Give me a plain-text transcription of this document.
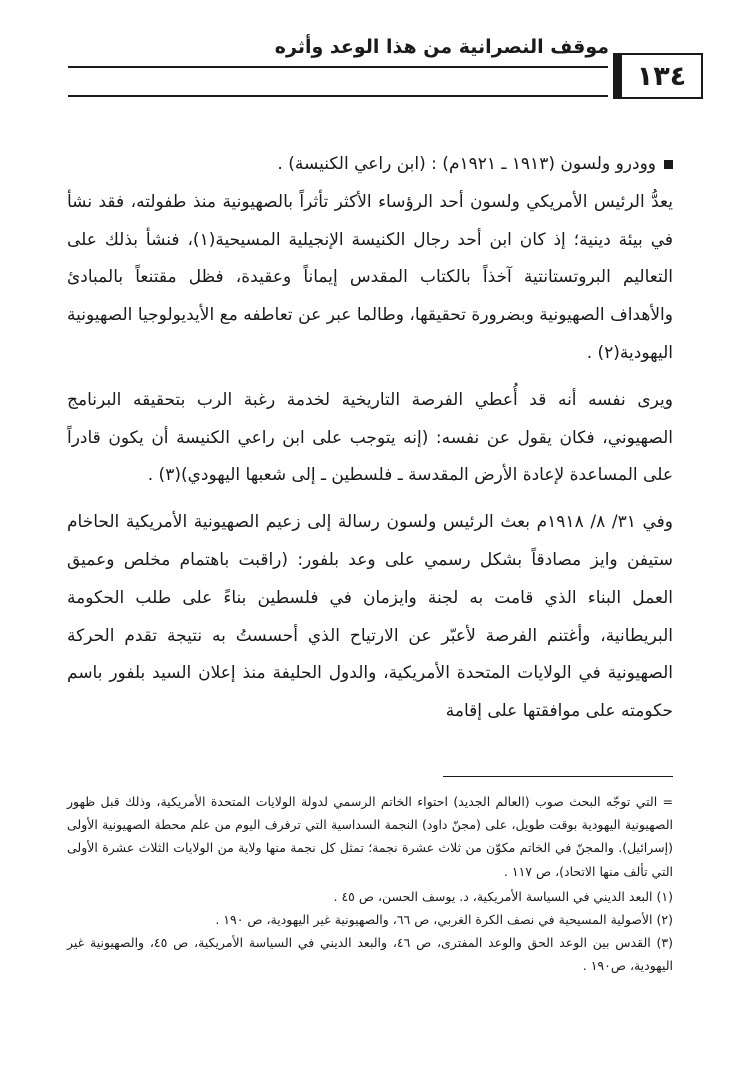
موقف النصرانية من هذا الوعد وأثره
١٣٤

وودرو ولسون (١٩١٣ ـ ١٩٢١م) : (ابن راعي الكنيسة) .

يعدُّ الرئيس الأمريكي ولسون أحد الرؤساء الأكثر تأثراً بالصهيونية منذ طفولته، فقد نشأ في بيئة دينية؛ إذ كان ابن أحد رجال الكنيسة الإنجيلية المسيحية(١)، فنشأ بذلك على التعاليم البروتستانتية آخذاً بالكتاب المقدس إيماناً وعقيدة، فظل مقتنعاً بالمبادئ والأهداف الصهيونية وبضرورة تحقيقها، وطالما عبر عن تعاطفه مع الأيديولوجيا الصهيونية اليهودية(٢) .

ويرى نفسه أنه قد أُعطي الفرصة التاريخية لخدمة رغبة الرب بتحقيقه البرنامج الصهيوني، فكان يقول عن نفسه: (إنه يتوجب على ابن راعي الكنيسة أن يكون قادراً على المساعدة لإعادة الأرض المقدسة ـ فلسطين ـ إلى شعبها اليهودي)(٣) .

وفي ٣١/ ٨/ ١٩١٨م بعث الرئيس ولسون رسالة إلى زعيم الصهيونية الأمريكية الحاخام ستيفن وايز مصادقاً بشكل رسمي على وعد بلفور: (راقبت باهتمام مخلص وعميق العمل البناء الذي قامت به لجنة وايزمان في فلسطين بناءً على طلب الحكومة البريطانية، وأغتنم الفرصة لأعبّر عن الارتياح الذي أحسستُ به نتيجة تقدم الحركة الصهيونية في الولايات المتحدة الأمريكية، والدول الحليفة منذ إعلان السيد بلفور باسم حكومته على موافقتها على إقامة

= التي توجّه البحث صوب (العالم الجديد) احتواء الخاتم الرسمي لدولة الولايات المتحدة الأمريكية، وذلك قبل ظهور الصهيونية اليهودية بوقت طويل، على (مجنّ داود) النجمة السداسية التي ترفرف اليوم من علم محطة الصهيونية الأولى (إسرائيل). والمجنّ في الخاتم مكوّن من ثلاث عشرة نجمة؛ تمثل كل نجمة منها ولاية من الولايات الثلاث عشرة الأولى التي تألف منها الاتحاد)، ص ١١٧ .

(١) البعد الديني في السياسة الأمريكية، د. يوسف الحسن، ص ٤٥ .

(٢) الأصولية المسيحية في نصف الكرة الغربي، ص ٦٦، والصهيونية غير اليهودية، ص ١٩٠ .

(٣) القدس بين الوعد الحق والوعد المفترى، ص ٤٦، والبعد الديني في السياسة الأمريكية، ص ٤٥، والصهيونية غير اليهودية، ص١٩٠ .
